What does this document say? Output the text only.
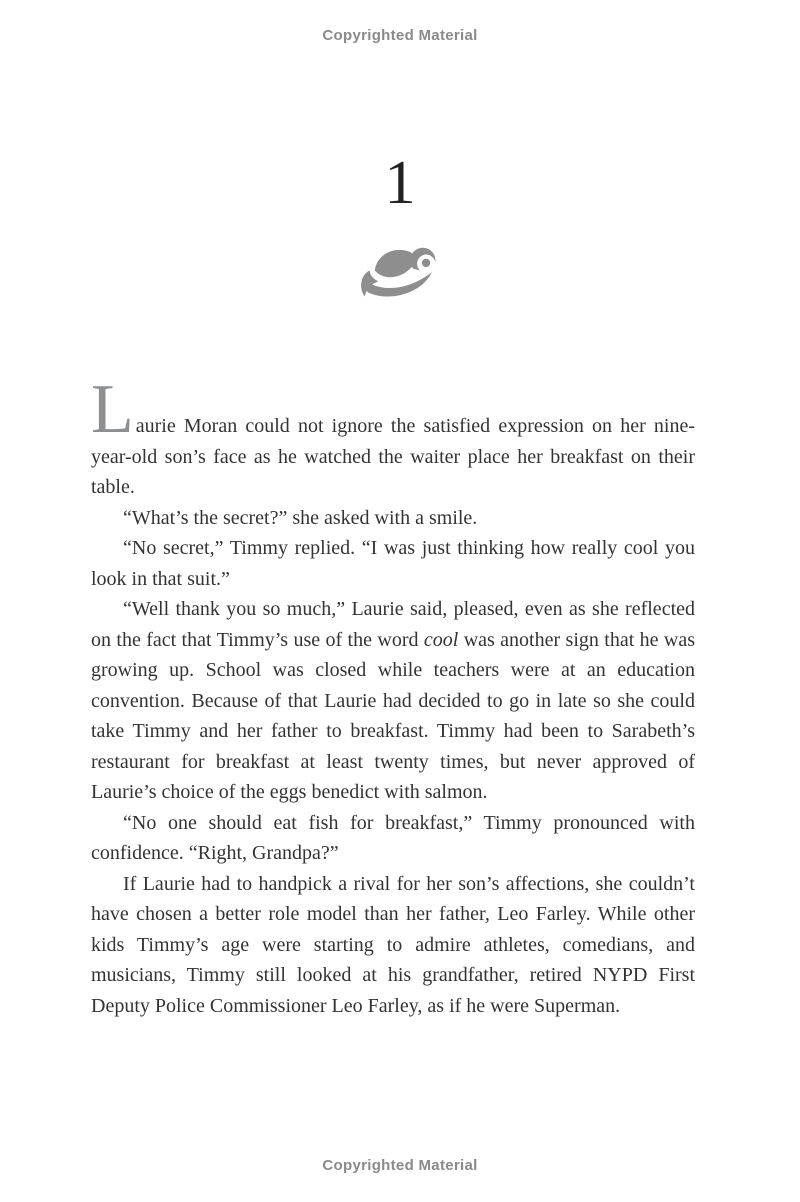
Copyrighted Material
1

Laurie Moran could not ignore the satisfied expression on her nine-year-old son’s face as he watched the waiter place her breakfast on their table.

“What’s the secret?” she asked with a smile.

“No secret,” Timmy replied. “I was just thinking how really cool you look in that suit.”

“Well thank you so much,” Laurie said, pleased, even as she reflected on the fact that Timmy’s use of the word cool was another sign that he was growing up. School was closed while teachers were at an education convention. Because of that Laurie had decided to go in late so she could take Timmy and her father to breakfast. Timmy had been to Sarabeth’s restaurant for breakfast at least twenty times, but never approved of Laurie’s choice of the eggs benedict with salmon.

“No one should eat fish for breakfast,” Timmy pronounced with confidence. “Right, Grandpa?”

If Laurie had to handpick a rival for her son’s affections, she couldn’t have chosen a better role model than her father, Leo Farley. While other kids Timmy’s age were starting to admire athletes, comedians, and musicians, Timmy still looked at his grandfather, retired NYPD First Deputy Police Commissioner Leo Farley, as if he were Superman.

Copyrighted Material
